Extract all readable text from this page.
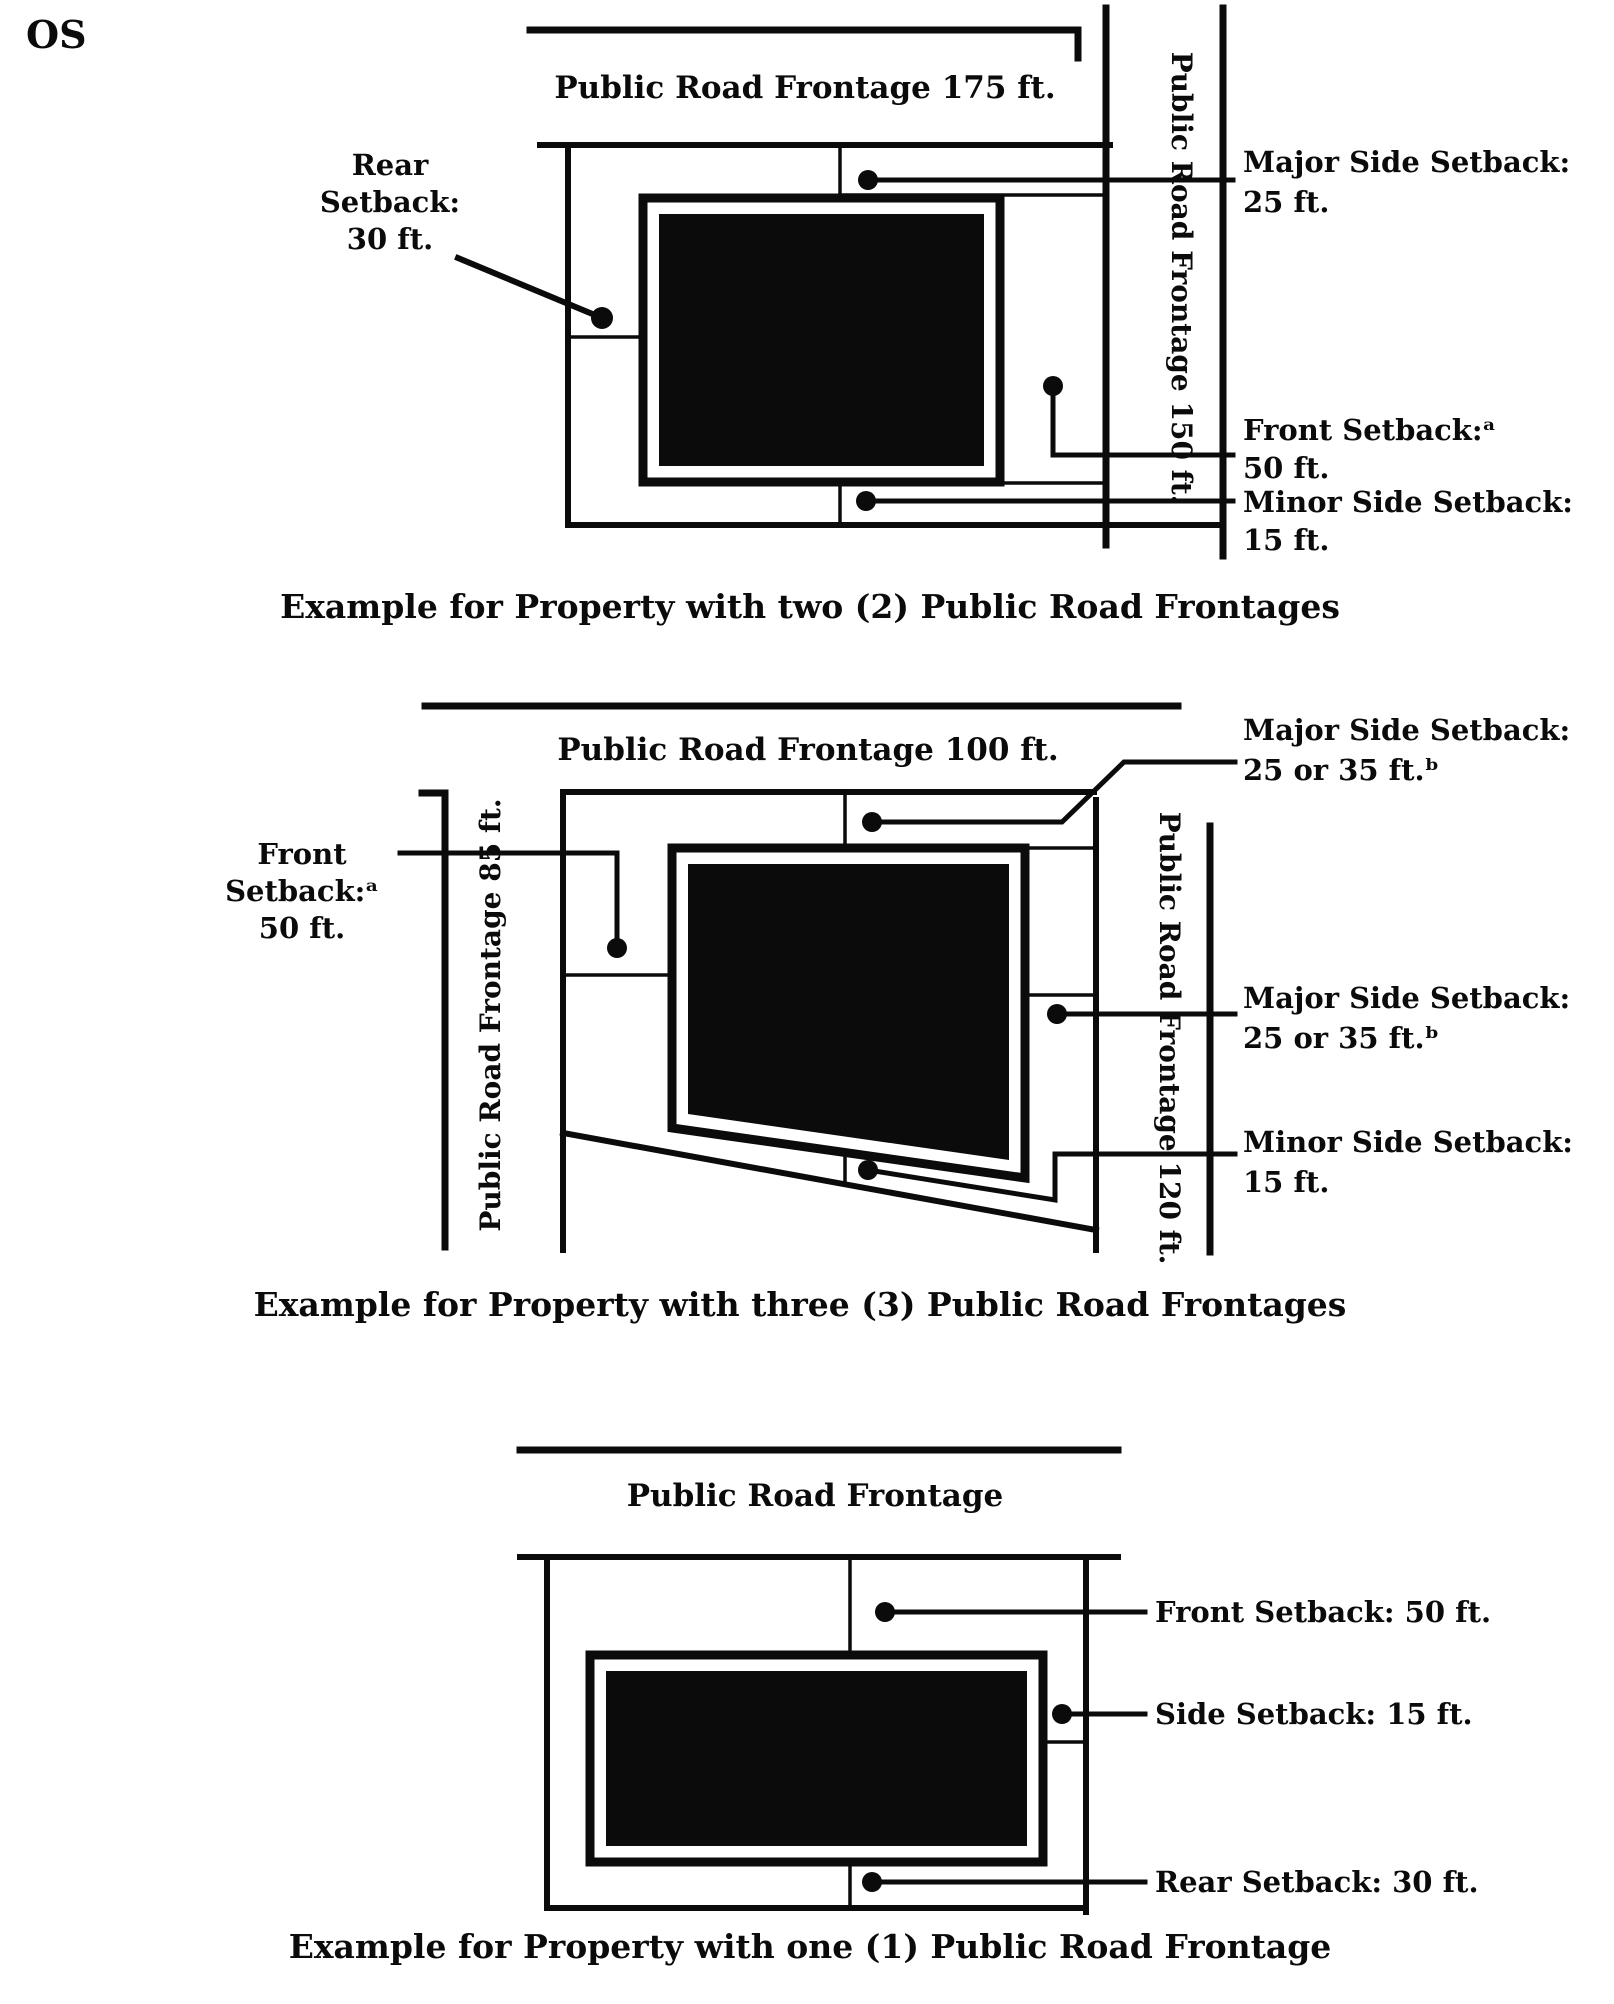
OS
Public Road Frontage 175 ft.	Public Road Frontage 150 ft.
Rear
Setback:
30 ft.
Major Side Setback:
25 ft.
Front Setback:ᵃ
50 ft.
Minor Side Setback:
15 ft.
Example for Property with two (2) Public Road Frontages
Public Road Frontage 100 ft.
Public Road Frontage 85 ft.	Public Road Frontage 120 ft.
Front
Setback:ᵃ
50 ft.
Major Side Setback:
25 or 35 ft.ᵇ
Major Side Setback:
25 or 35 ft.ᵇ
Minor Side Setback:
15 ft.
Example for Property with three (3) Public Road Frontages
Public Road Frontage
Front Setback: 50 ft.
Side Setback: 15 ft.
Rear Setback: 30 ft.
Example for Property with one (1) Public Road Frontage
